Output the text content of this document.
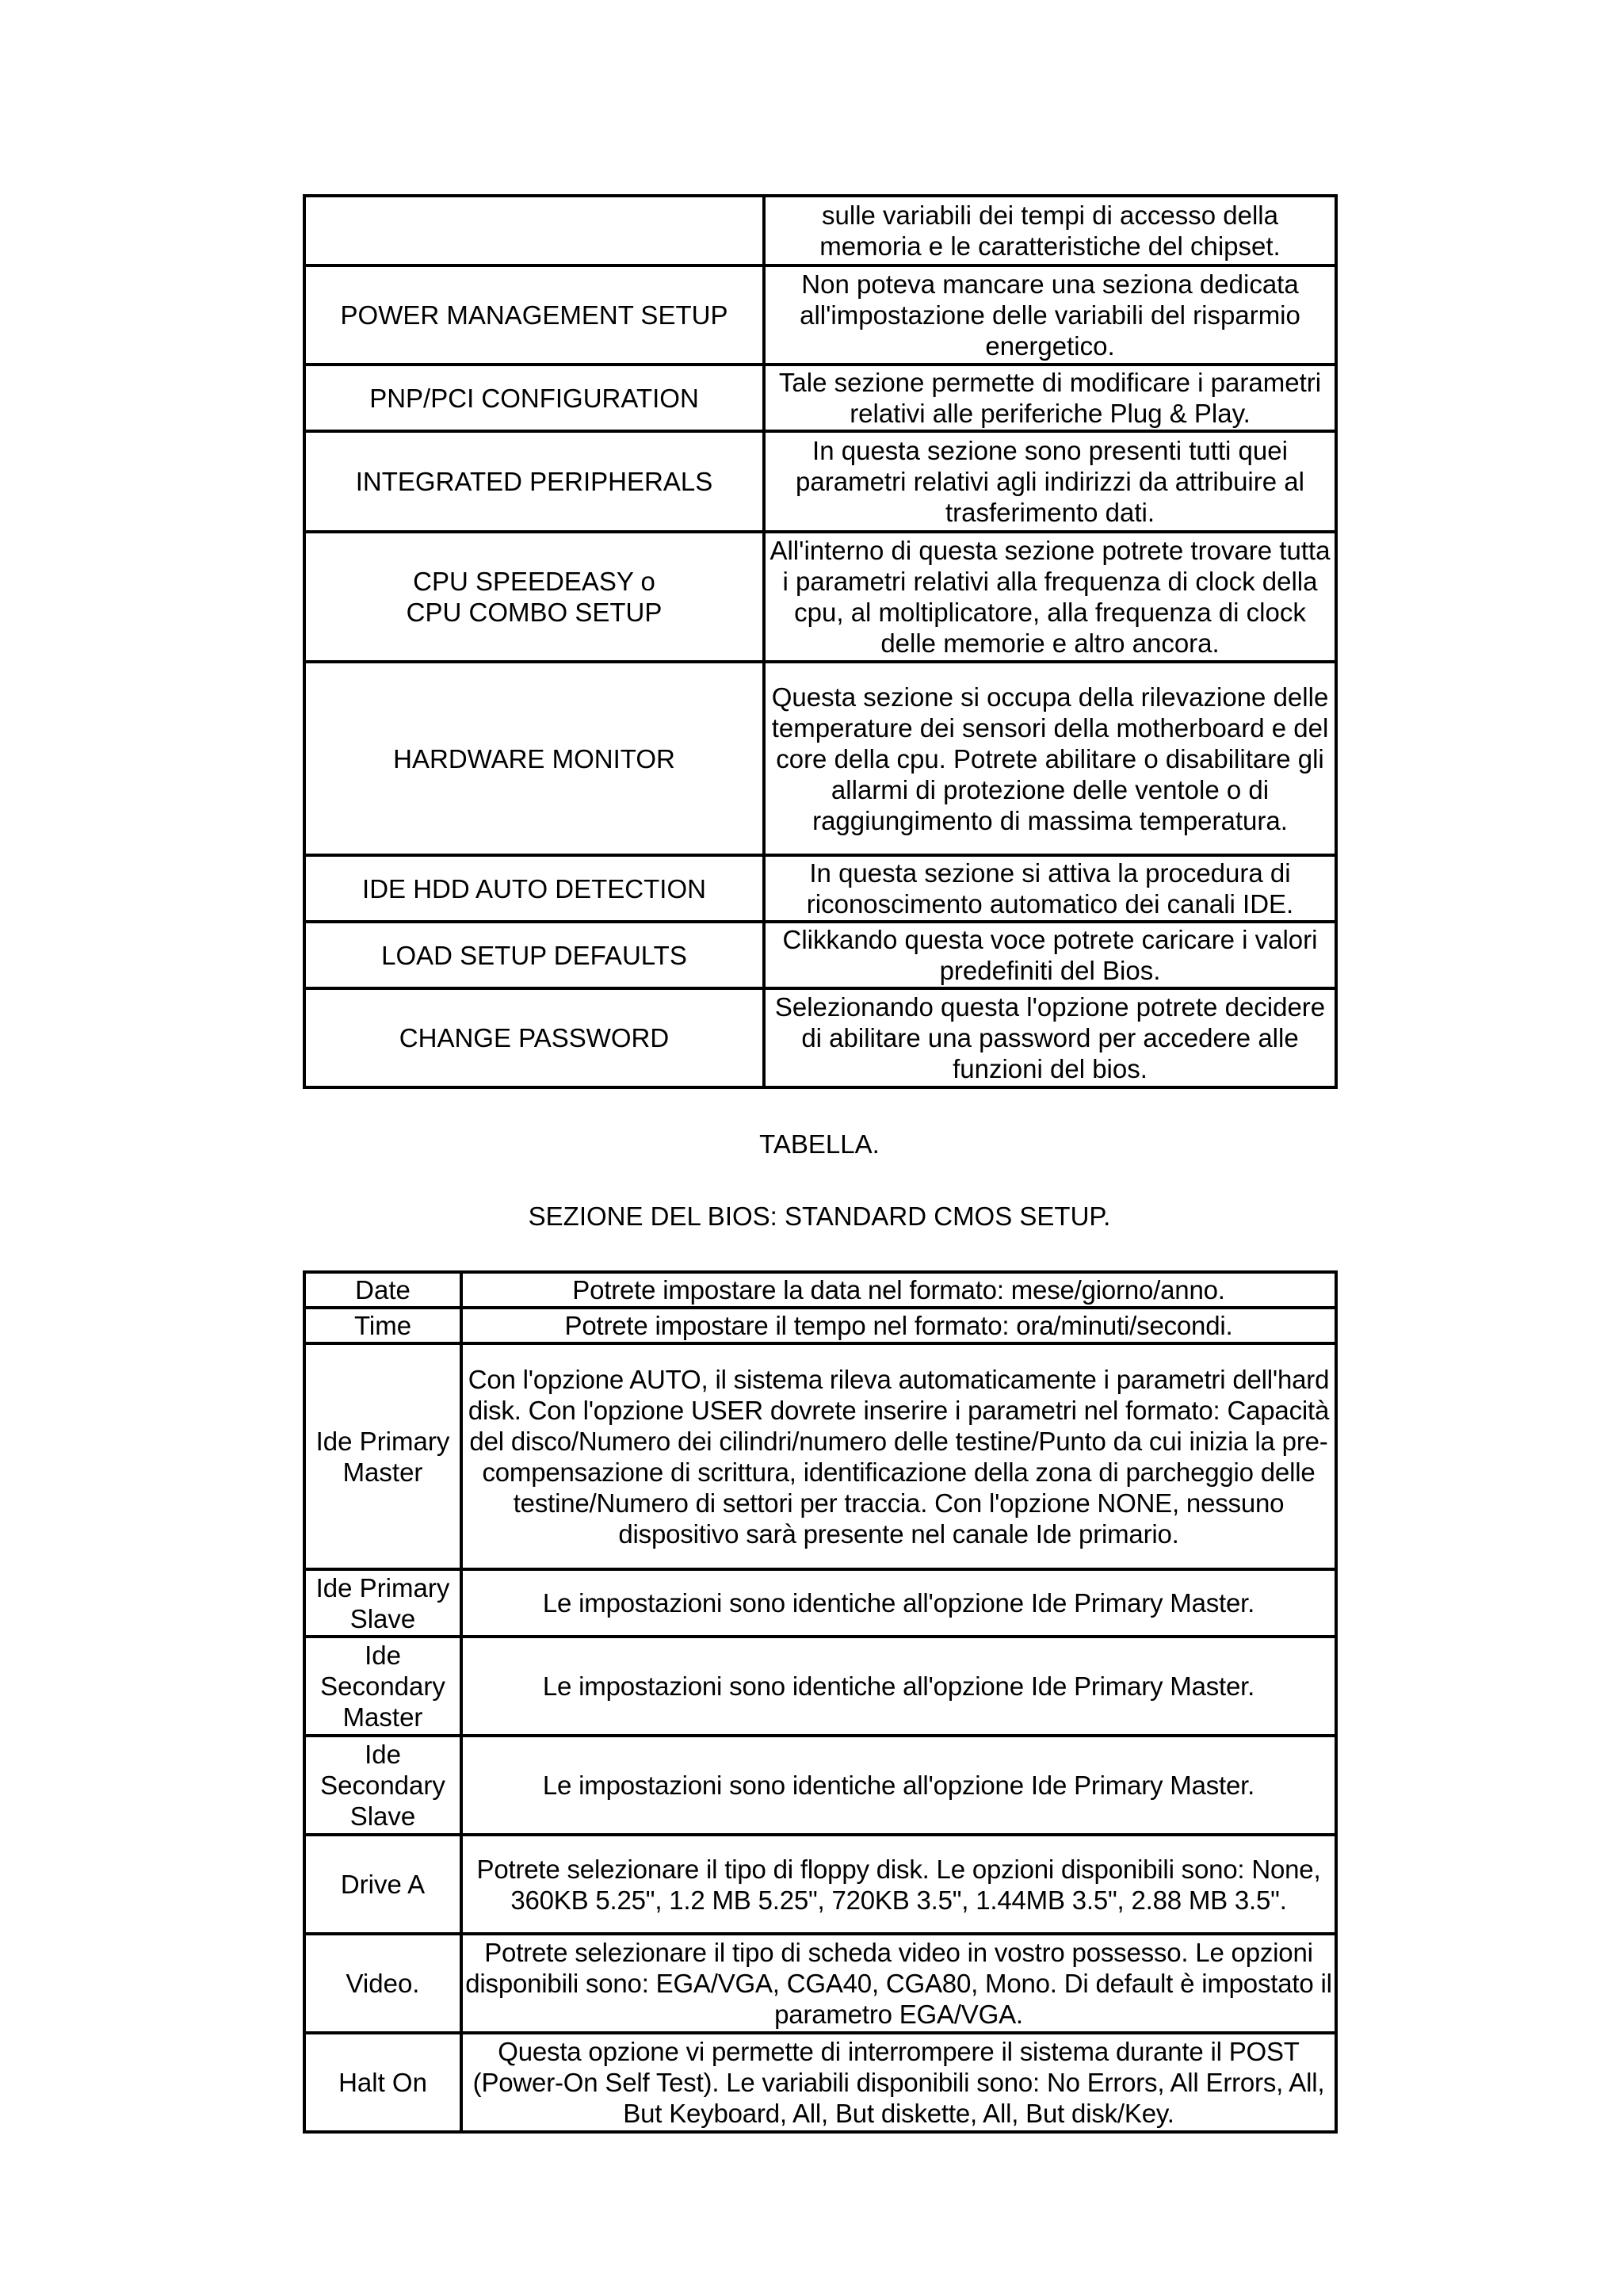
	sulle variabili dei tempi di accesso della memoria e le caratteristiche del chipset.
POWER MANAGEMENT SETUP	Non poteva mancare una seziona dedicata all'impostazione delle variabili del risparmio energetico.
PNP/PCI CONFIGURATION	Tale sezione permette di modificare i parametri relativi alle periferiche Plug & Play.
INTEGRATED PERIPHERALS	In questa sezione sono presenti tutti quei parametri relativi agli indirizzi da attribuire al trasferimento dati.
CPU SPEEDEASY o
CPU COMBO SETUP	All'interno di questa sezione potrete trovare tutta i parametri relativi alla frequenza di clock della cpu, al moltiplicatore, alla frequenza di clock delle memorie e altro ancora.
HARDWARE MONITOR	Questa sezione si occupa della rilevazione delle temperature dei sensori della motherboard e del core della cpu. Potrete abilitare o disabilitare gli allarmi di protezione delle ventole o di raggiungimento di massima temperatura.
IDE HDD AUTO DETECTION	In questa sezione si attiva la procedura di riconoscimento automatico dei canali IDE.
LOAD SETUP DEFAULTS	Clikkando questa voce potrete caricare i valori predefiniti del Bios.
CHANGE PASSWORD	Selezionando questa l'opzione potrete decidere di abilitare una password per accedere alle funzioni del bios.
TABELLA.
SEZIONE DEL BIOS: STANDARD CMOS SETUP.
Date	Potrete impostare la data nel formato: mese/giorno/anno.
Time	Potrete impostare il tempo nel formato: ora/minuti/secondi.
Ide Primary Master	Con l'opzione AUTO, il sistema rileva automaticamente i parametri dell'hard disk. Con l'opzione USER dovrete inserire i parametri nel formato: Capacità del disco/Numero dei cilindri/numero delle testine/Punto da cui inizia la pre-compensazione di scrittura, identificazione della zona di parcheggio delle testine/Numero di settori per traccia. Con l'opzione NONE, nessuno dispositivo sarà presente nel canale Ide primario.
Ide Primary Slave	Le impostazioni sono identiche all'opzione Ide Primary Master.
Ide Secondary Master	Le impostazioni sono identiche all'opzione Ide Primary Master.
Ide Secondary Slave	Le impostazioni sono identiche all'opzione Ide Primary Master.
Drive A	Potrete selezionare il tipo di floppy disk. Le opzioni disponibili sono: None, 360KB 5.25", 1.2 MB 5.25", 720KB 3.5", 1.44MB 3.5", 2.88 MB 3.5".
Video.	Potrete selezionare il tipo di scheda video in vostro possesso. Le opzioni disponibili sono: EGA/VGA, CGA40, CGA80, Mono. Di default è impostato il parametro EGA/VGA.
Halt On	Questa opzione vi permette di interrompere il sistema durante il POST (Power-On Self Test). Le variabili disponibili sono: No Errors, All Errors, All, But Keyboard, All, But diskette, All, But disk/Key.
